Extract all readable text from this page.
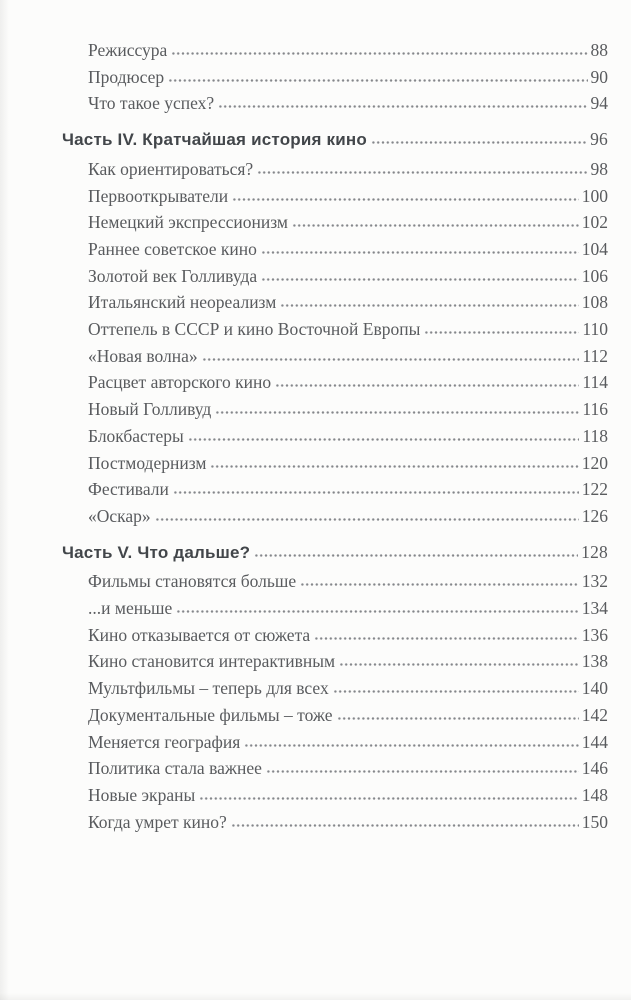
Режиссура	88
Продюсер	90
Что такое успех?	94
Часть IV. Кратчайшая история кино	96
Как ориентироваться?	98
Первооткрыватели	100
Немецкий экспрессионизм	102
Раннее советское кино	104
Золотой век Голливуда	106
Итальянский неореализм	108
Оттепель в СССР и кино Восточной Европы	110
«Новая волна»	112
Расцвет авторского кино	114
Новый Голливуд	116
Блокбастеры	118
Постмодернизм	120
Фестивали	122
«Оскар»	126
Часть V. Что дальше?	128
Фильмы становятся больше	132
...и меньше	134
Кино отказывается от сюжета	136
Кино становится интерактивным	138
Мультфильмы – теперь для всех	140
Документальные фильмы – тоже	142
Меняется география	144
Политика стала важнее	146
Новые экраны	148
Когда умрет кино?	150
